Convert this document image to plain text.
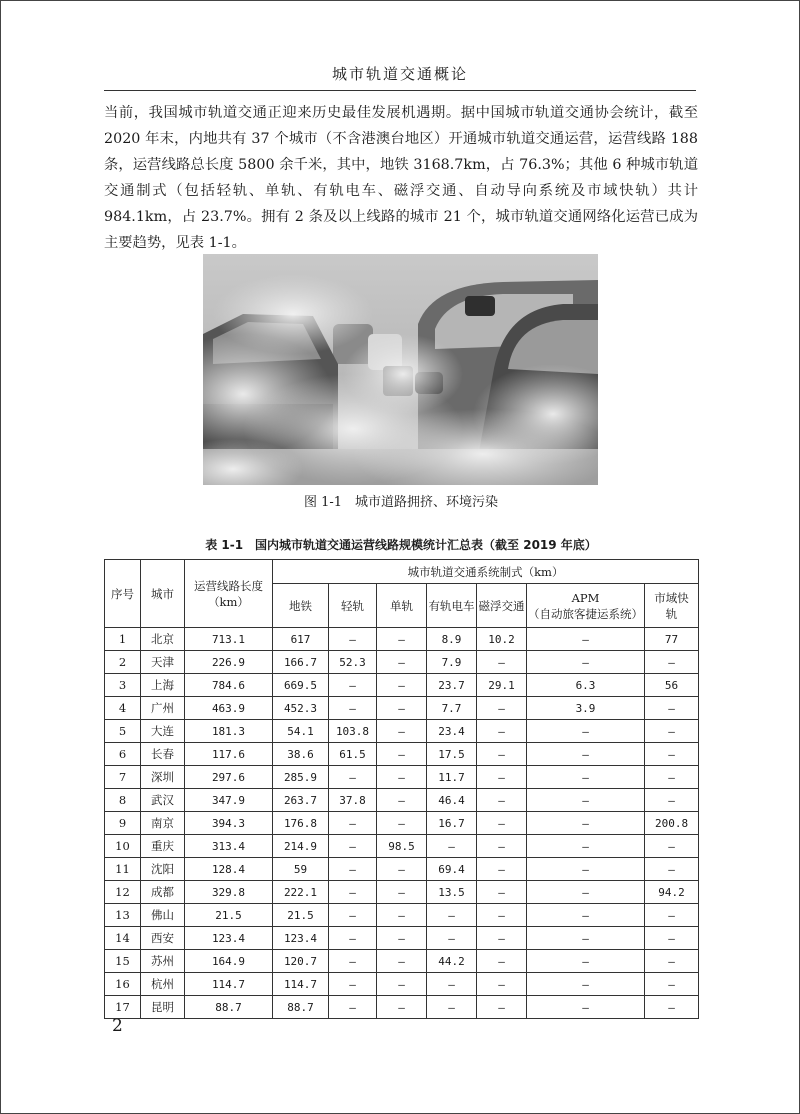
城市轨道交通概论
当前，我国城市轨道交通正迎来历史最佳发展机遇期。据中国城市轨道交通协会统计，截至 2020 年末，内地共有 37 个城市（不含港澳台地区）开通城市轨道交通运营，运营线路 188 条，运营线路总长度 5800 余千米，其中，地铁 3168.7km，占 76.3%；其他 6 种城市轨道交通制式（包括轻轨、单轨、有轨电车、磁浮交通、自动导向系统及市域快轨）共计 984.1km，占 23.7%。拥有 2 条及以上线路的城市 21 个，城市轨道交通网络化运营已成为主要趋势，见表 1-1。
图 1-1　城市道路拥挤、环境污染
表 1-1　国内城市轨道交通运营线路规模统计汇总表（截至 2019 年底）
序号	城市	运营线路长度（km）	城市轨道交通系统制式（km）						
			地铁	轻轨	单轨	有轨电车	磁浮交通	APM
（自动旅客捷运系统）	市域快轨
1	北京	713.1	617	—	—	8.9	10.2	—	77
2	天津	226.9	166.7	52.3	—	7.9	—	—	—
3	上海	784.6	669.5	—	—	23.7	29.1	6.3	56
4	广州	463.9	452.3	—	—	7.7	—	3.9	—
5	大连	181.3	54.1	103.8	—	23.4	—	—	—
6	长春	117.6	38.6	61.5	—	17.5	—	—	—
7	深圳	297.6	285.9	—	—	11.7	—	—	—
8	武汉	347.9	263.7	37.8	—	46.4	—	—	—
9	南京	394.3	176.8	—	—	16.7	—	—	200.8
10	重庆	313.4	214.9	—	98.5	—	—	—	—
11	沈阳	128.4	59	—	—	69.4	—	—	—
12	成都	329.8	222.1	—	—	13.5	—	—	94.2
13	佛山	21.5	21.5	—	—	—	—	—	—
14	西安	123.4	123.4	—	—	—	—	—	—
15	苏州	164.9	120.7	—	—	44.2	—	—	—
16	杭州	114.7	114.7	—	—	—	—	—	—
17	昆明	88.7	88.7	—	—	—	—	—	—
2
